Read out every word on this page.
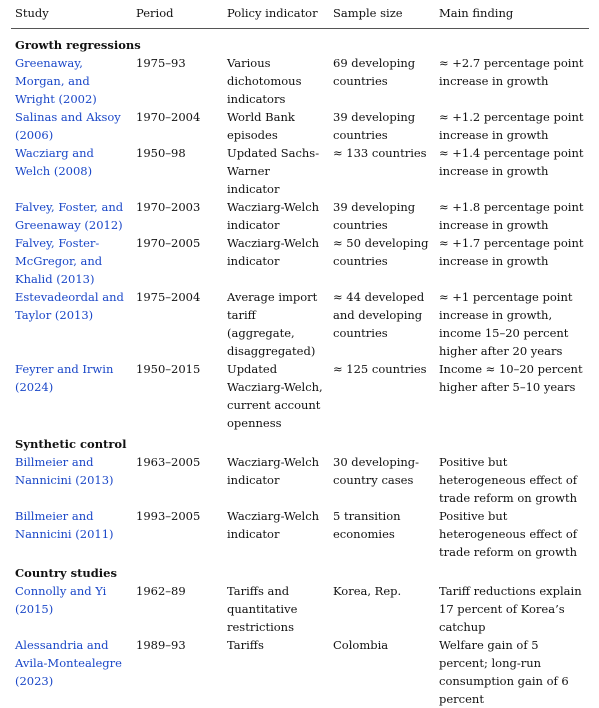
Study	Period	Policy indicator	Sample size	Main finding
Growth regressions				
Greenaway, Morgan, and Wright (2002)	1975–93	Various dichotomous indicators	69 developing countries	≈ +2.7 percentage point increase in growth
Salinas and Aksoy (2006)	1970–2004	World Bank episodes	39 developing countries	≈ +1.2 percentage point increase in growth
Wacziarg and Welch (2008)	1950–98	Updated Sachs-Warner indicator	≈ 133 countries	≈ +1.4 percentage point increase in growth
Falvey, Foster, and Greenaway (2012)	1970–2003	Wacziarg-Welch indicator	39 developing countries	≈ +1.8 percentage point increase in growth
Falvey, Foster-McGregor, and Khalid (2013)	1970–2005	Wacziarg-Welch indicator	≈ 50 developing countries	≈ +1.7 percentage point increase in growth
Estevadeordal and Taylor (2013)	1975–2004	Average import tariff (aggregate, disaggregated)	≈ 44 developed and developing countries	≈ +1 percentage point increase in growth, income 15–20 percent higher after 20 years
Feyrer and Irwin (2024)	1950–2015	Updated Wacziarg-Welch, current account openness	≈ 125 countries	Income ≈ 10–20 percent higher after 5–10 years
Synthetic control				
Billmeier and Nannicini (2013)	1963–2005	Wacziarg-Welch indicator	30 developing-country cases	Positive but heterogeneous effect of trade reform on growth
Billmeier and Nannicini (2011)	1993–2005	Wacziarg-Welch indicator	5 transition economies	Positive but heterogeneous effect of trade reform on growth
Country studies				
Connolly and Yi (2015)	1962–89	Tariffs and quantitative restrictions	Korea, Rep.	Tariff reductions explain 17 percent of Korea’s catchup
Alessandria and Avila-Montealegre (2023)	1989–93	Tariffs	Colombia	Welfare gain of 5 percent; long-run consumption gain of 6 percent
